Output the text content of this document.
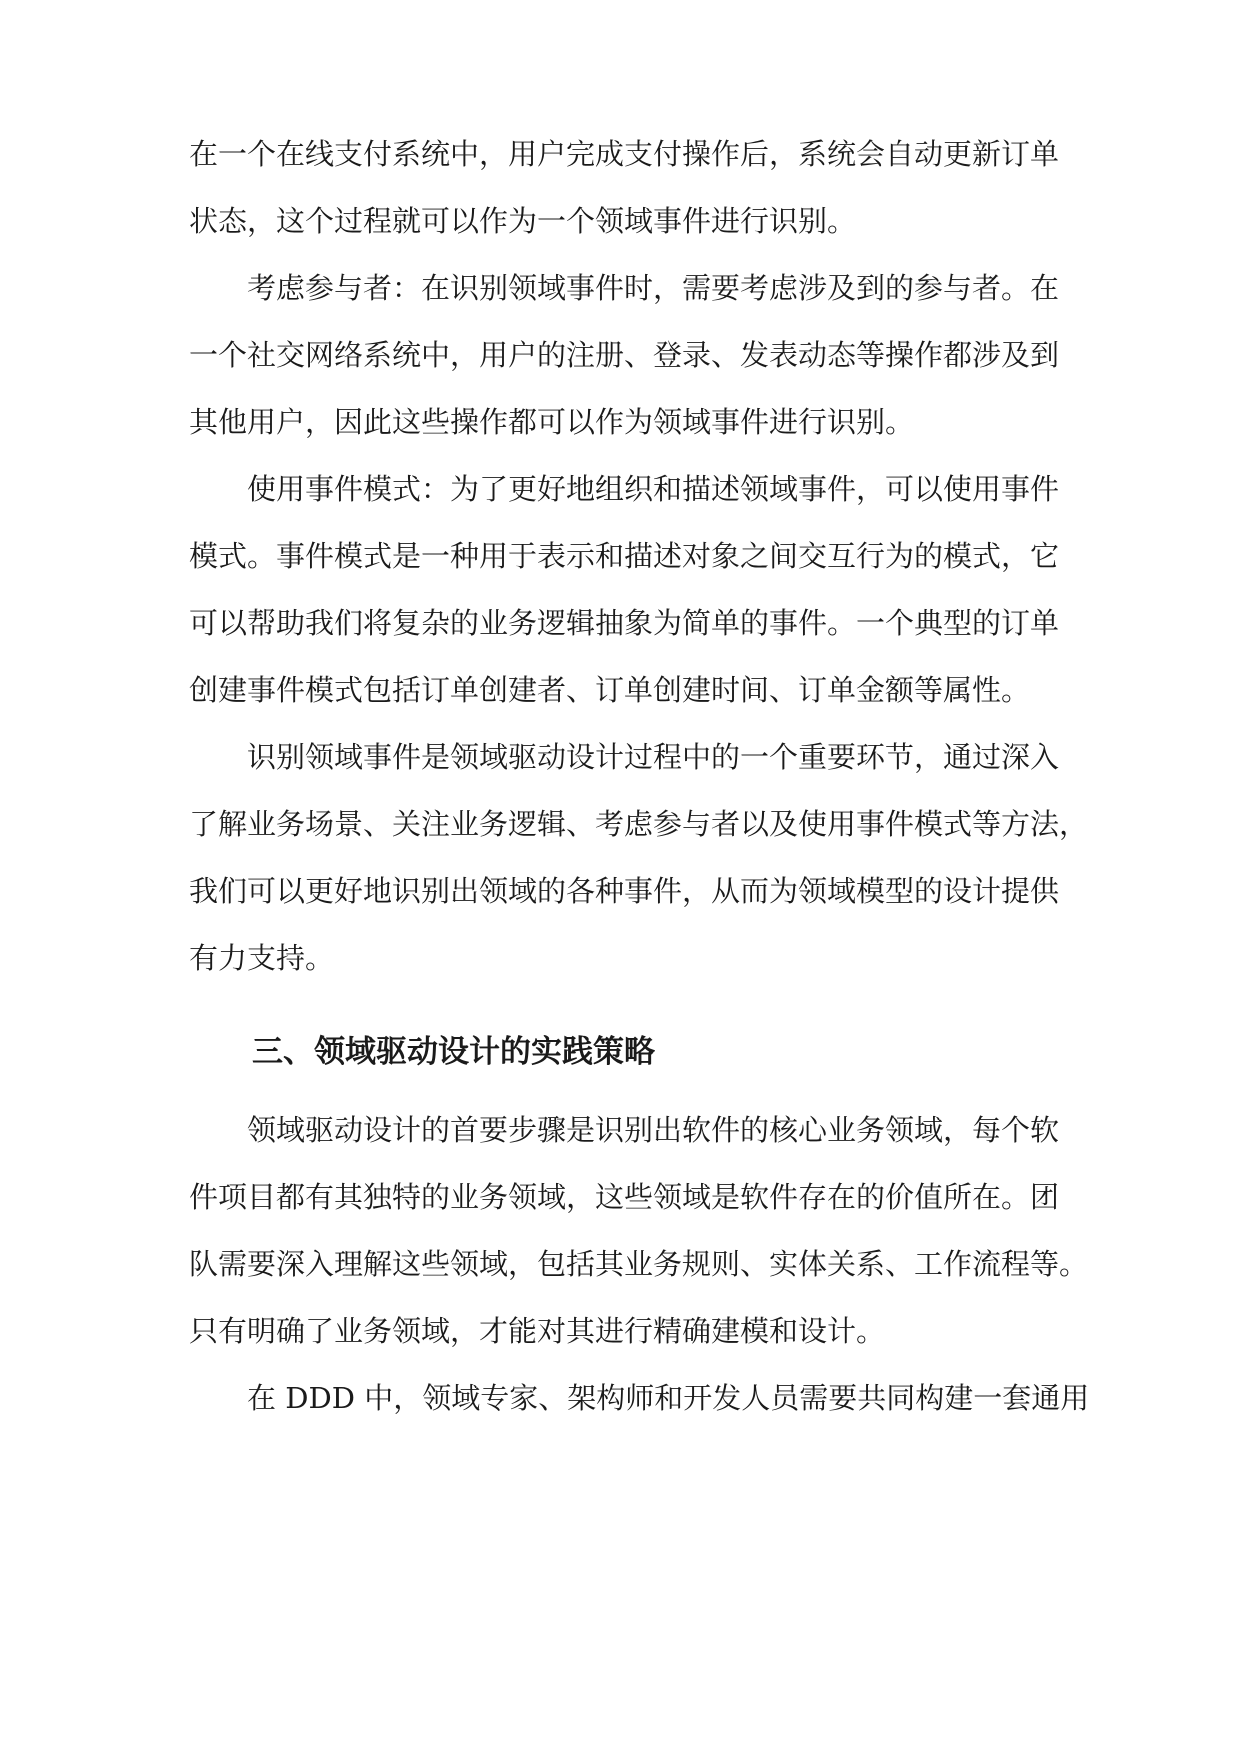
在一个在线支付系统中，用户完成支付操作后，系统会自动更新订单
状态，这个过程就可以作为一个领域事件进行识别。
　　考虑参与者：在识别领域事件时，需要考虑涉及到的参与者。在
一个社交网络系统中，用户的注册、登录、发表动态等操作都涉及到
其他用户，因此这些操作都可以作为领域事件进行识别。
　　使用事件模式：为了更好地组织和描述领域事件，可以使用事件
模式。事件模式是一种用于表示和描述对象之间交互行为的模式，它
可以帮助我们将复杂的业务逻辑抽象为简单的事件。一个典型的订单
创建事件模式包括订单创建者、订单创建时间、订单金额等属性。
　　识别领域事件是领域驱动设计过程中的一个重要环节，通过深入
了解业务场景、关注业务逻辑、考虑参与者以及使用事件模式等方法，
我们可以更好地识别出领域的各种事件，从而为领域模型的设计提供
有力支持。
三、领域驱动设计的实践策略
　　领域驱动设计的首要步骤是识别出软件的核心业务领域，每个软
件项目都有其独特的业务领域，这些领域是软件存在的价值所在。团
队需要深入理解这些领域，包括其业务规则、实体关系、工作流程等。
只有明确了业务领域，才能对其进行精确建模和设计。
　　在 DDD 中，领域专家、架构师和开发人员需要共同构建一套通用
